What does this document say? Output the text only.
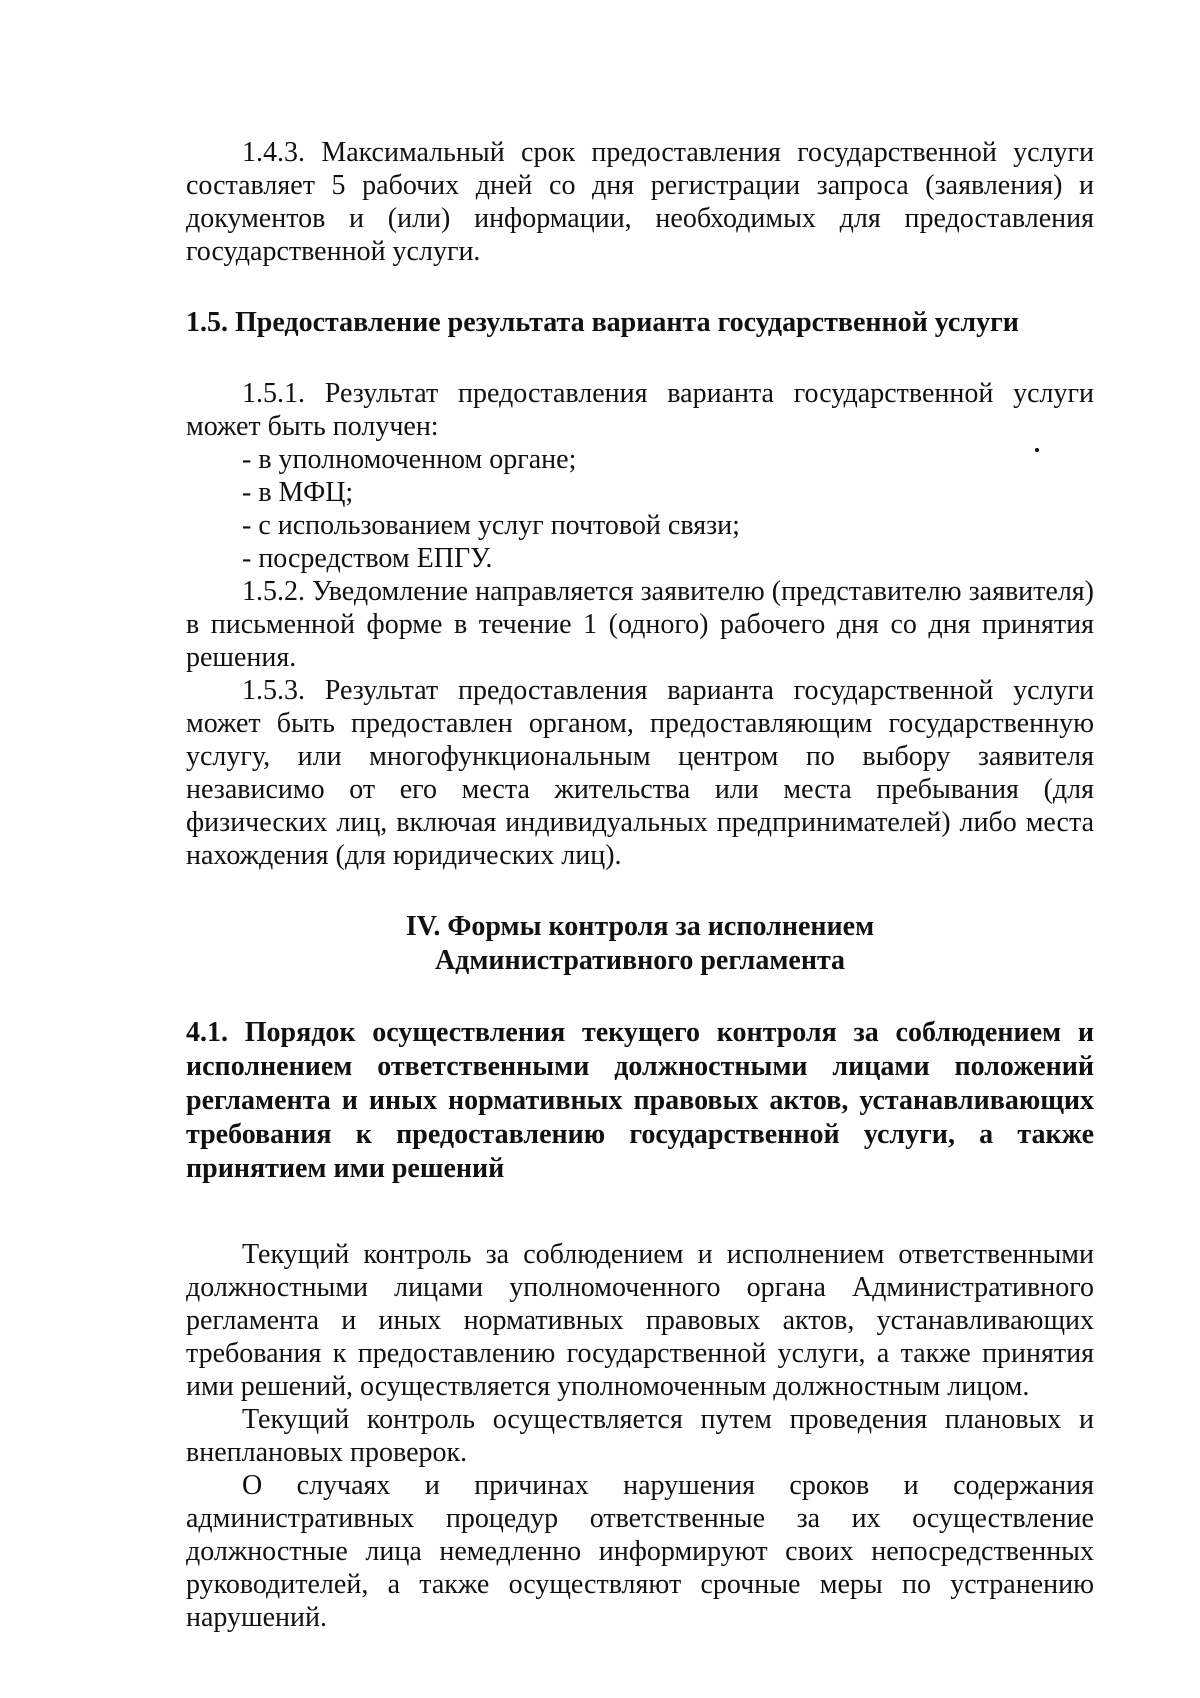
1.4.3. Максимальный срок предоставления государственной услуги составляет 5 рабочих дней со дня регистрации запроса (заявления) и документов и (или) информации, необходимых для предоставления государственной услуги.

1.5. Предоставление результата варианта государственной услуги

1.5.1. Результат предоставления варианта государственной услуги может быть получен:

- в уполномоченном органе;

- в МФЦ;

- с использованием услуг почтовой связи;

- посредством ЕПГУ.

1.5.2. Уведомление направляется заявителю (представителю заявителя) в письменной форме в течение 1 (одного) рабочего дня со дня принятия решения.

1.5.3. Результат предоставления варианта государственной услуги может быть предоставлен органом, предоставляющим государственную услугу, или многофункциональным центром по выбору заявителя независимо от его места жительства или места пребывания (для физических лиц, включая индивидуальных предпринимателей) либо места нахождения (для юридических лиц).

IV. Формы контроля за исполнением
Административного регламента

4.1. Порядок осуществления текущего контроля за соблюдением и исполнением ответственными должностными лицами положений регламента и иных нормативных правовых актов, устанавливающих требования к предоставлению государственной услуги, а также принятием ими решений

Текущий контроль за соблюдением и исполнением ответственными должностными лицами уполномоченного органа Административного регламента и иных нормативных правовых актов, устанавливающих требования к предоставлению государственной услуги, а также принятия ими решений, осуществляется уполномоченным должностным лицом.

Текущий контроль осуществляется путем проведения плановых и внеплановых проверок.

О случаях и причинах нарушения сроков и содержания административных процедур ответственные за их осуществление должностные лица немедленно информируют своих непосредственных руководителей, а также осуществляют срочные меры по устранению нарушений.
